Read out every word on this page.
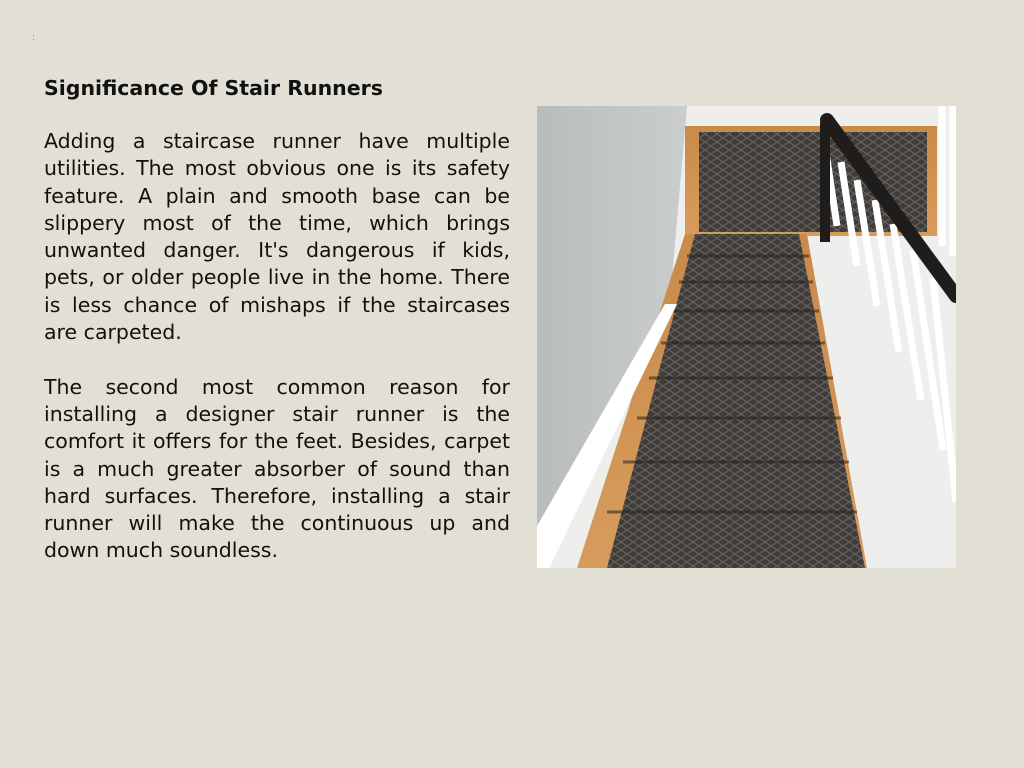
:
Significance Of Stair Runners

Adding a staircase runner have multiple utilities. The most obvious one is its safety feature. A plain and smooth base can be slippery most of the time, which brings unwanted danger. It's dangerous if kids, pets, or older people live in the home. There is less chance of mishaps if the staircases are carpeted.

The second most common reason for installing a designer stair runner is the comfort it offers for the feet. Besides, carpet is a much greater absorber of sound than hard surfaces. Therefore, installing a stair runner will make the continuous up and down much soundless.
